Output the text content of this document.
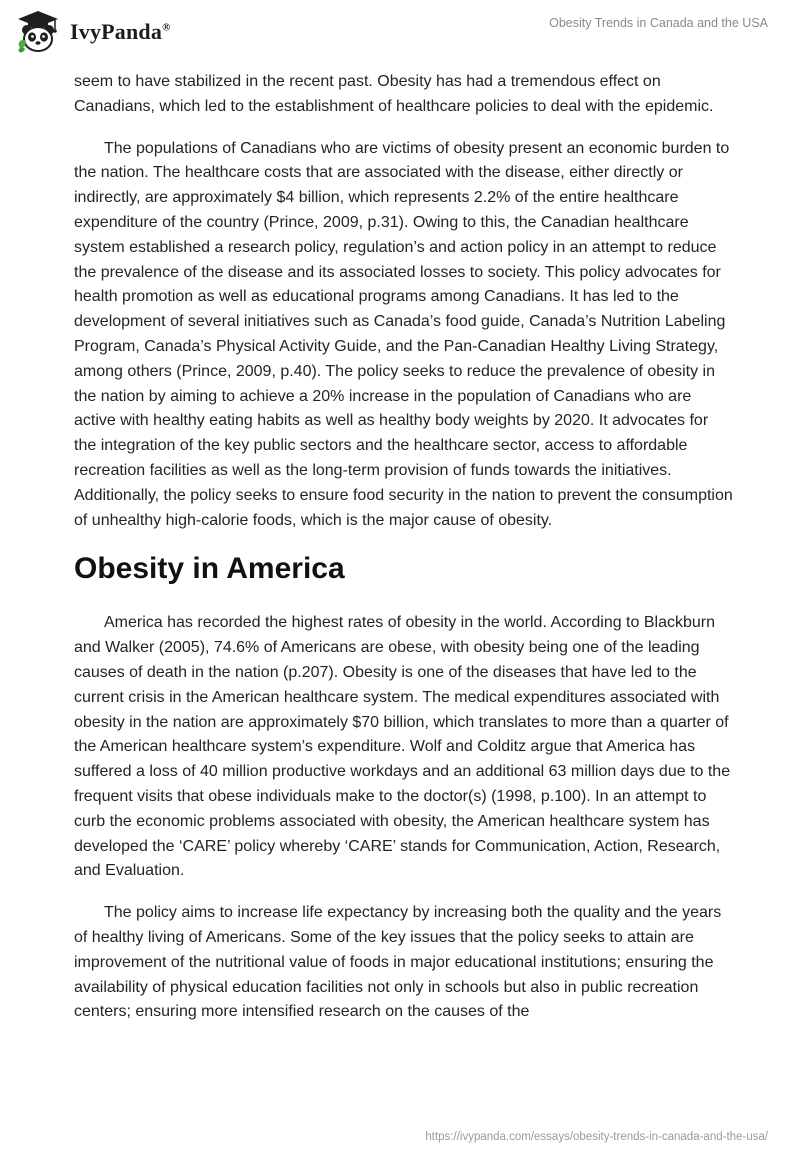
IvyPanda®	Obesity Trends in Canada and the USA

seem to have stabilized in the recent past. Obesity has had a tremendous effect on Canadians, which led to the establishment of healthcare policies to deal with the epidemic.

The populations of Canadians who are victims of obesity present an economic burden to the nation. The healthcare costs that are associated with the disease, either directly or indirectly, are approximately $4 billion, which represents 2.2% of the entire healthcare expenditure of the country (Prince, 2009, p.31). Owing to this, the Canadian healthcare system established a research policy, regulation’s and action policy in an attempt to reduce the prevalence of the disease and its associated losses to society. This policy advocates for health promotion as well as educational programs among Canadians. It has led to the development of several initiatives such as Canada’s food guide, Canada’s Nutrition Labeling Program, Canada’s Physical Activity Guide, and the Pan-Canadian Healthy Living Strategy, among others (Prince, 2009, p.40). The policy seeks to reduce the prevalence of obesity in the nation by aiming to achieve a 20% increase in the population of Canadians who are active with healthy eating habits as well as healthy body weights by 2020. It advocates for the integration of the key public sectors and the healthcare sector, access to affordable recreation facilities as well as the long-term provision of funds towards the initiatives. Additionally, the policy seeks to ensure food security in the nation to prevent the consumption of unhealthy high-calorie foods, which is the major cause of obesity.

Obesity in America

America has recorded the highest rates of obesity in the world. According to Blackburn and Walker (2005), 74.6% of Americans are obese, with obesity being one of the leading causes of death in the nation (p.207). Obesity is one of the diseases that have led to the current crisis in the American healthcare system. The medical expenditures associated with obesity in the nation are approximately $70 billion, which translates to more than a quarter of the American healthcare system’s expenditure. Wolf and Colditz argue that America has suffered a loss of 40 million productive workdays and an additional 63 million days due to the frequent visits that obese individuals make to the doctor(s) (1998, p.100). In an attempt to curb the economic problems associated with obesity, the American healthcare system has developed the ‘CARE’ policy whereby ‘CARE’ stands for Communication, Action, Research, and Evaluation.

The policy aims to increase life expectancy by increasing both the quality and the years of healthy living of Americans. Some of the key issues that the policy seeks to attain are improvement of the nutritional value of foods in major educational institutions; ensuring the availability of physical education facilities not only in schools but also in public recreation centers; ensuring more intensified research on the causes of the

https://ivypanda.com/essays/obesity-trends-in-canada-and-the-usa/
